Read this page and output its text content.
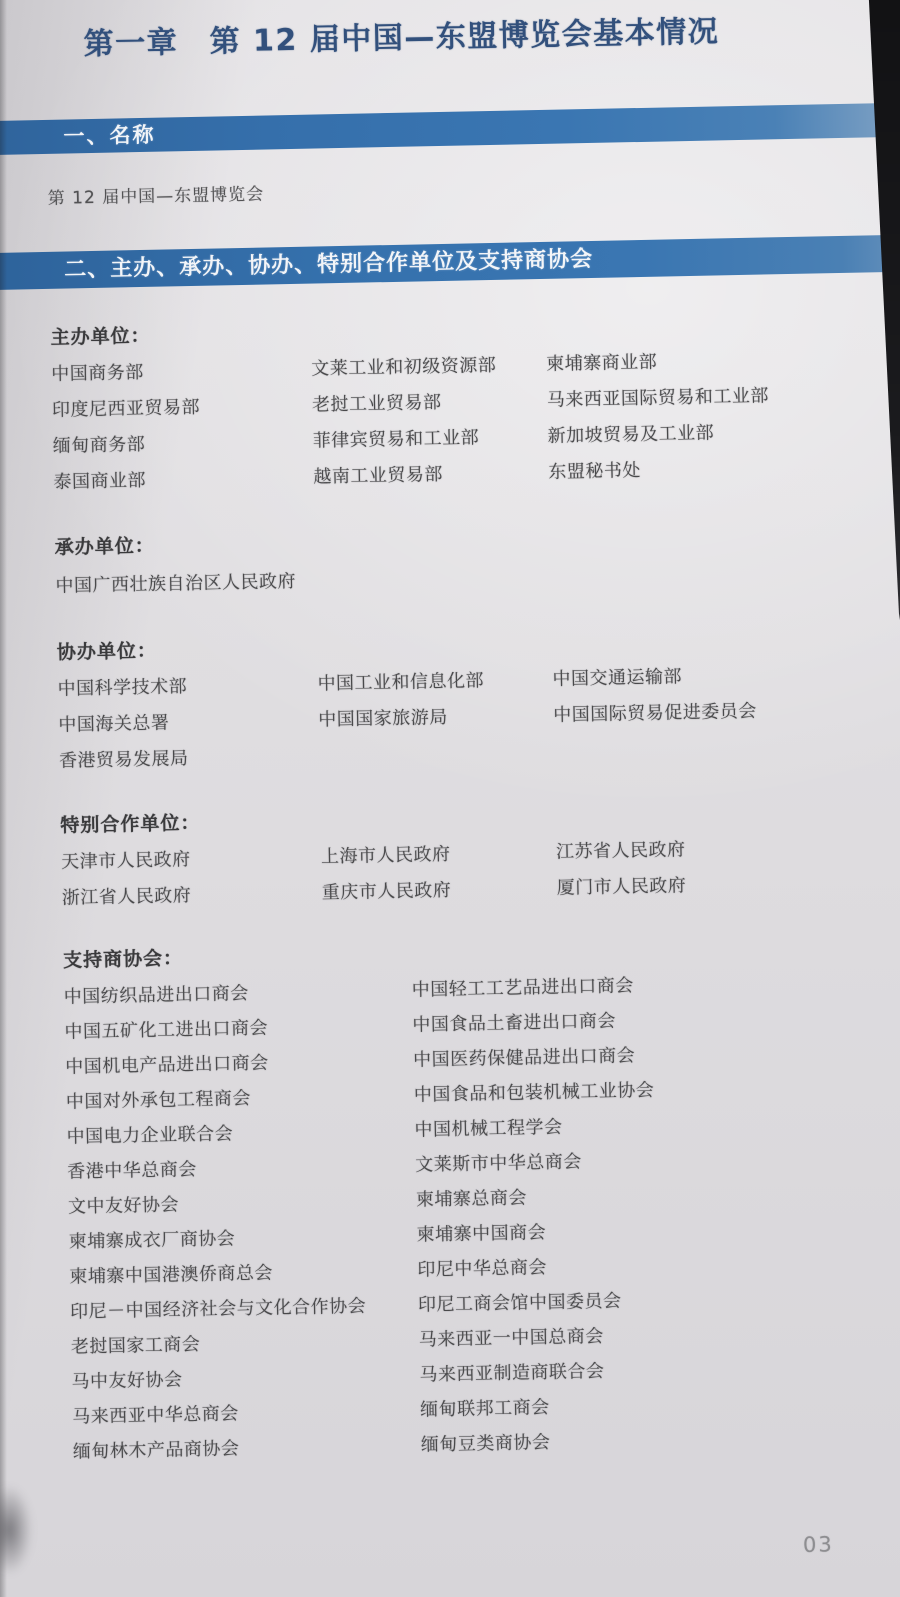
第一章　第 12 届中国—东盟博览会基本情况
一、名称
第 12 届中国—东盟博览会
二、主办、承办、协办、特别合作单位及支持商协会
主办单位：
中国商务部	文莱工业和初级资源部	柬埔寨商业部
印度尼西亚贸易部	老挝工业贸易部	马来西亚国际贸易和工业部
缅甸商务部	菲律宾贸易和工业部	新加坡贸易及工业部
泰国商业部	越南工业贸易部	东盟秘书处
承办单位：
中国广西壮族自治区人民政府
协办单位：
中国科学技术部	中国工业和信息化部	中国交通运输部
中国海关总署	中国国家旅游局	中国国际贸易促进委员会
香港贸易发展局
特别合作单位：
天津市人民政府	上海市人民政府	江苏省人民政府
浙江省人民政府	重庆市人民政府	厦门市人民政府
支持商协会：
中国纺织品进出口商会	中国轻工工艺品进出口商会
中国五矿化工进出口商会	中国食品土畜进出口商会
中国机电产品进出口商会	中国医药保健品进出口商会
中国对外承包工程商会	中国食品和包装机械工业协会
中国电力企业联合会	中国机械工程学会
香港中华总商会	文莱斯市中华总商会
文中友好协会	柬埔寨总商会
柬埔寨成衣厂商协会	柬埔寨中国商会
柬埔寨中国港澳侨商总会	印尼中华总商会
印尼－中国经济社会与文化合作协会	印尼工商会馆中国委员会
老挝国家工商会	马来西亚一中国总商会
马中友好协会	马来西亚制造商联合会
马来西亚中华总商会	缅甸联邦工商会
缅甸林木产品商协会	缅甸豆类商协会
03
